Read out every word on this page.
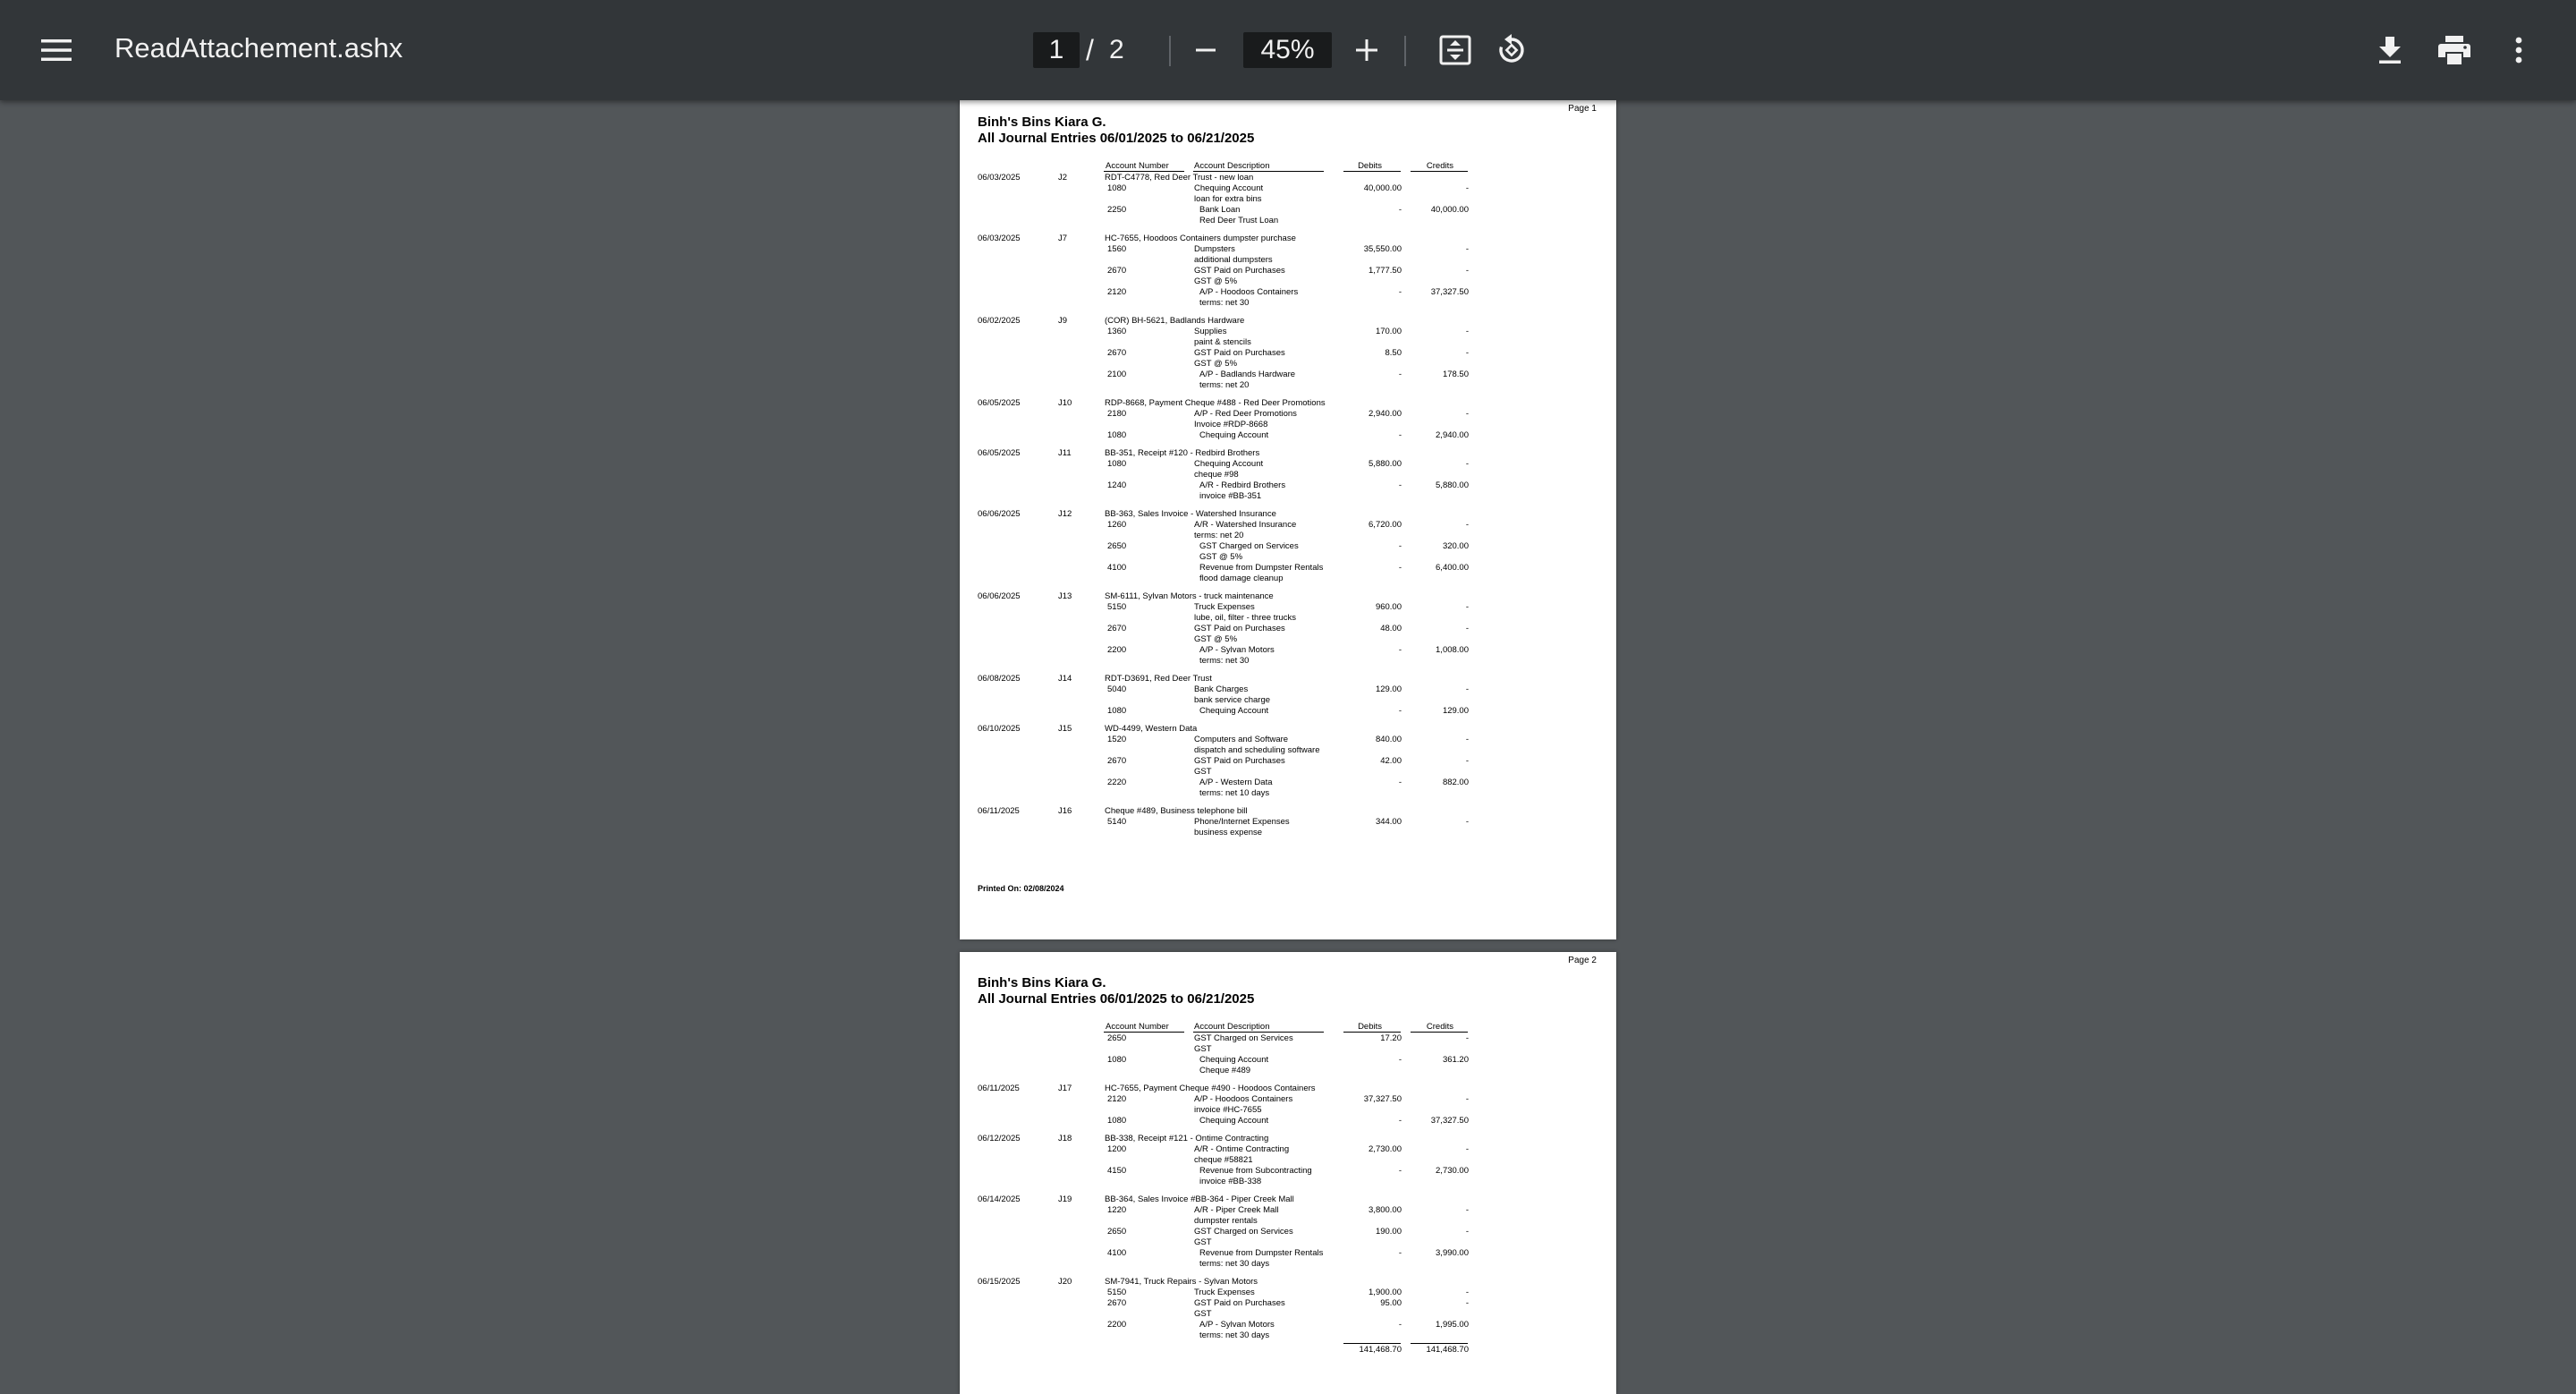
ReadAttachement.ashx	1 / 2	45%
Page 1
Binh's Bins Kiara G.
All Journal Entries 06/01/2025 to 06/21/2025
Printed On: 02/08/2024
Account Number	Account Description	Debits	Credits
06/03/2025	J2	RDT-C4778, Red Deer Trust - new loan
1080	Chequing Account	40,000.00	-
loan for extra bins
2250	Bank Loan	-	40,000.00
Red Deer Trust Loan
06/03/2025	J7	HC-7655, Hoodoos Containers dumpster purchase
1560	Dumpsters	35,550.00	-
additional dumpsters
2670	GST Paid on Purchases	1,777.50	-
GST @ 5%
2120	A/P - Hoodoos Containers	-	37,327.50
terms: net 30
06/02/2025	J9	(COR) BH-5621, Badlands Hardware
1360	Supplies	170.00	-
paint & stencils
2670	GST Paid on Purchases	8.50	-
GST @ 5%
2100	A/P - Badlands Hardware	-	178.50
terms: net 20
06/05/2025	J10	RDP-8668, Payment Cheque #488 - Red Deer Promotions
2180	A/P - Red Deer Promotions	2,940.00	-
Invoice #RDP-8668
1080	Chequing Account	-	2,940.00
06/05/2025	J11	BB-351, Receipt #120 - Redbird Brothers
1080	Chequing Account	5,880.00	-
cheque #98
1240	A/R - Redbird Brothers	-	5,880.00
invoice #BB-351
06/06/2025	J12	BB-363, Sales Invoice - Watershed Insurance
1260	A/R - Watershed Insurance	6,720.00	-
terms: net 20
2650	GST Charged on Services	-	320.00
GST @ 5%
4100	Revenue from Dumpster Rentals	-	6,400.00
flood damage cleanup
06/06/2025	J13	SM-6111, Sylvan Motors - truck maintenance
5150	Truck Expenses	960.00	-
lube, oil, filter - three trucks
2670	GST Paid on Purchases	48.00	-
GST @ 5%
2200	A/P - Sylvan Motors	-	1,008.00
terms: net 30
06/08/2025	J14	RDT-D3691, Red Deer Trust
5040	Bank Charges	129.00	-
bank service charge
1080	Chequing Account	-	129.00
06/10/2025	J15	WD-4499, Western Data
1520	Computers and Software	840.00	-
dispatch and scheduling software
2670	GST Paid on Purchases	42.00	-
GST
2220	A/P - Western Data	-	882.00
terms: net 10 days
06/11/2025	J16	Cheque #489, Business telephone bill
5140	Phone/Internet Expenses	344.00	-
business expense
Page 2
Binh's Bins Kiara G.
All Journal Entries 06/01/2025 to 06/21/2025
Account Number	Account Description	Debits	Credits
2650	GST Charged on Services	17.20	-
GST
1080	Chequing Account	-	361.20
Cheque #489
06/11/2025	J17	HC-7655, Payment Cheque #490 - Hoodoos Containers
2120	A/P - Hoodoos Containers	37,327.50	-
invoice #HC-7655
1080	Chequing Account	-	37,327.50
06/12/2025	J18	BB-338, Receipt #121 - Ontime Contracting
1200	A/R - Ontime Contracting	2,730.00	-
cheque #58821
4150	Revenue from Subcontracting	-	2,730.00
invoice #BB-338
06/14/2025	J19	BB-364, Sales Invoice #BB-364 - Piper Creek Mall
1220	A/R - Piper Creek Mall	3,800.00	-
dumpster rentals
2650	GST Charged on Services	190.00	-
GST
4100	Revenue from Dumpster Rentals	-	3,990.00
terms: net 30 days
06/15/2025	J20	SM-7941, Truck Repairs - Sylvan Motors
5150	Truck Expenses	1,900.00	-
2670	GST Paid on Purchases	95.00	-
GST
2200	A/P - Sylvan Motors	-	1,995.00
terms: net 30 days
141,468.70	141,468.70
